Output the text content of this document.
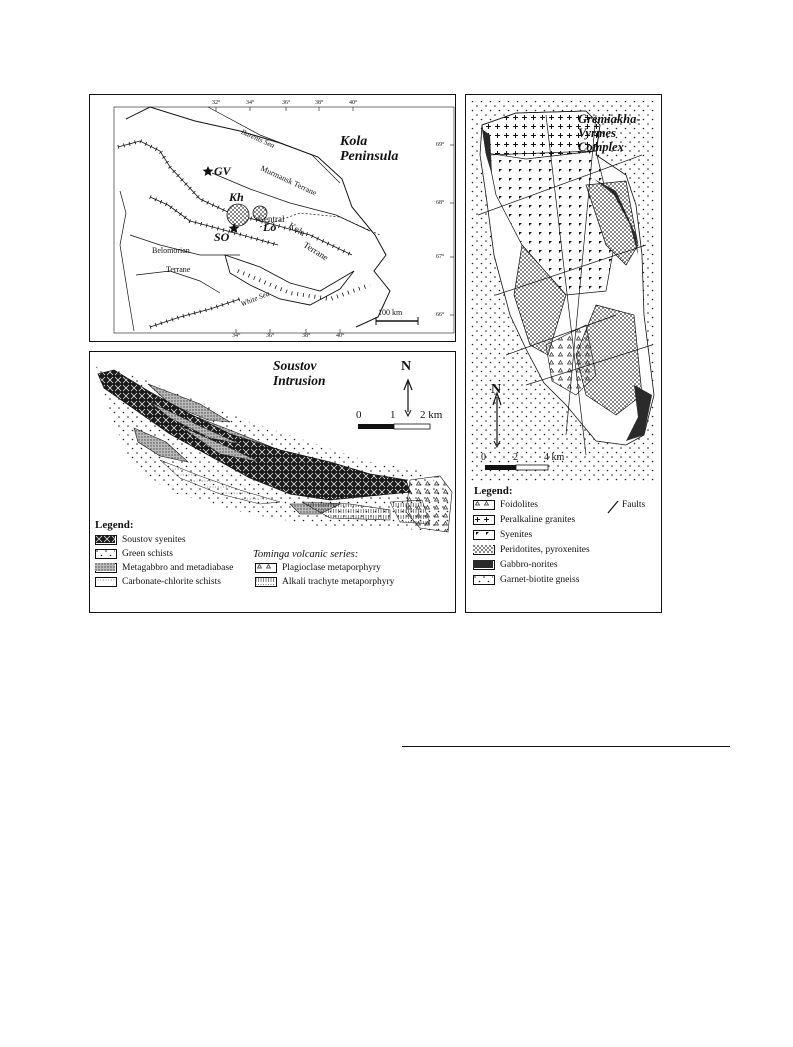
32°	34°	36°	38°	40°
34°	36°	38°	40°
69°
68°
67°
66°
Kola
Peninsula
Barents Sea
White Sea
Murmansk Terrane
Central
Kola
Terrane
Belomorian
Terrane
GV
Kh
Lo
SO
100 km
Soustov
Intrusion
N
0	1 2 km
Legend:
Soustov syenites
Green schists
Metagabbro and metadiabase
Carbonate-chlorite schists
Tominga volcanic series:
Plagioclase metaporphyry
Alkali trachyte metaporphyry
Gremiakha-
Vyrmes
Complex
N
0	2	4 km
Legend:
Faults
Foidolites
Peralkaline granites
Syenites
Peridotites, pyroxenites
Gabbro-norites
Garnet-biotite gneiss
